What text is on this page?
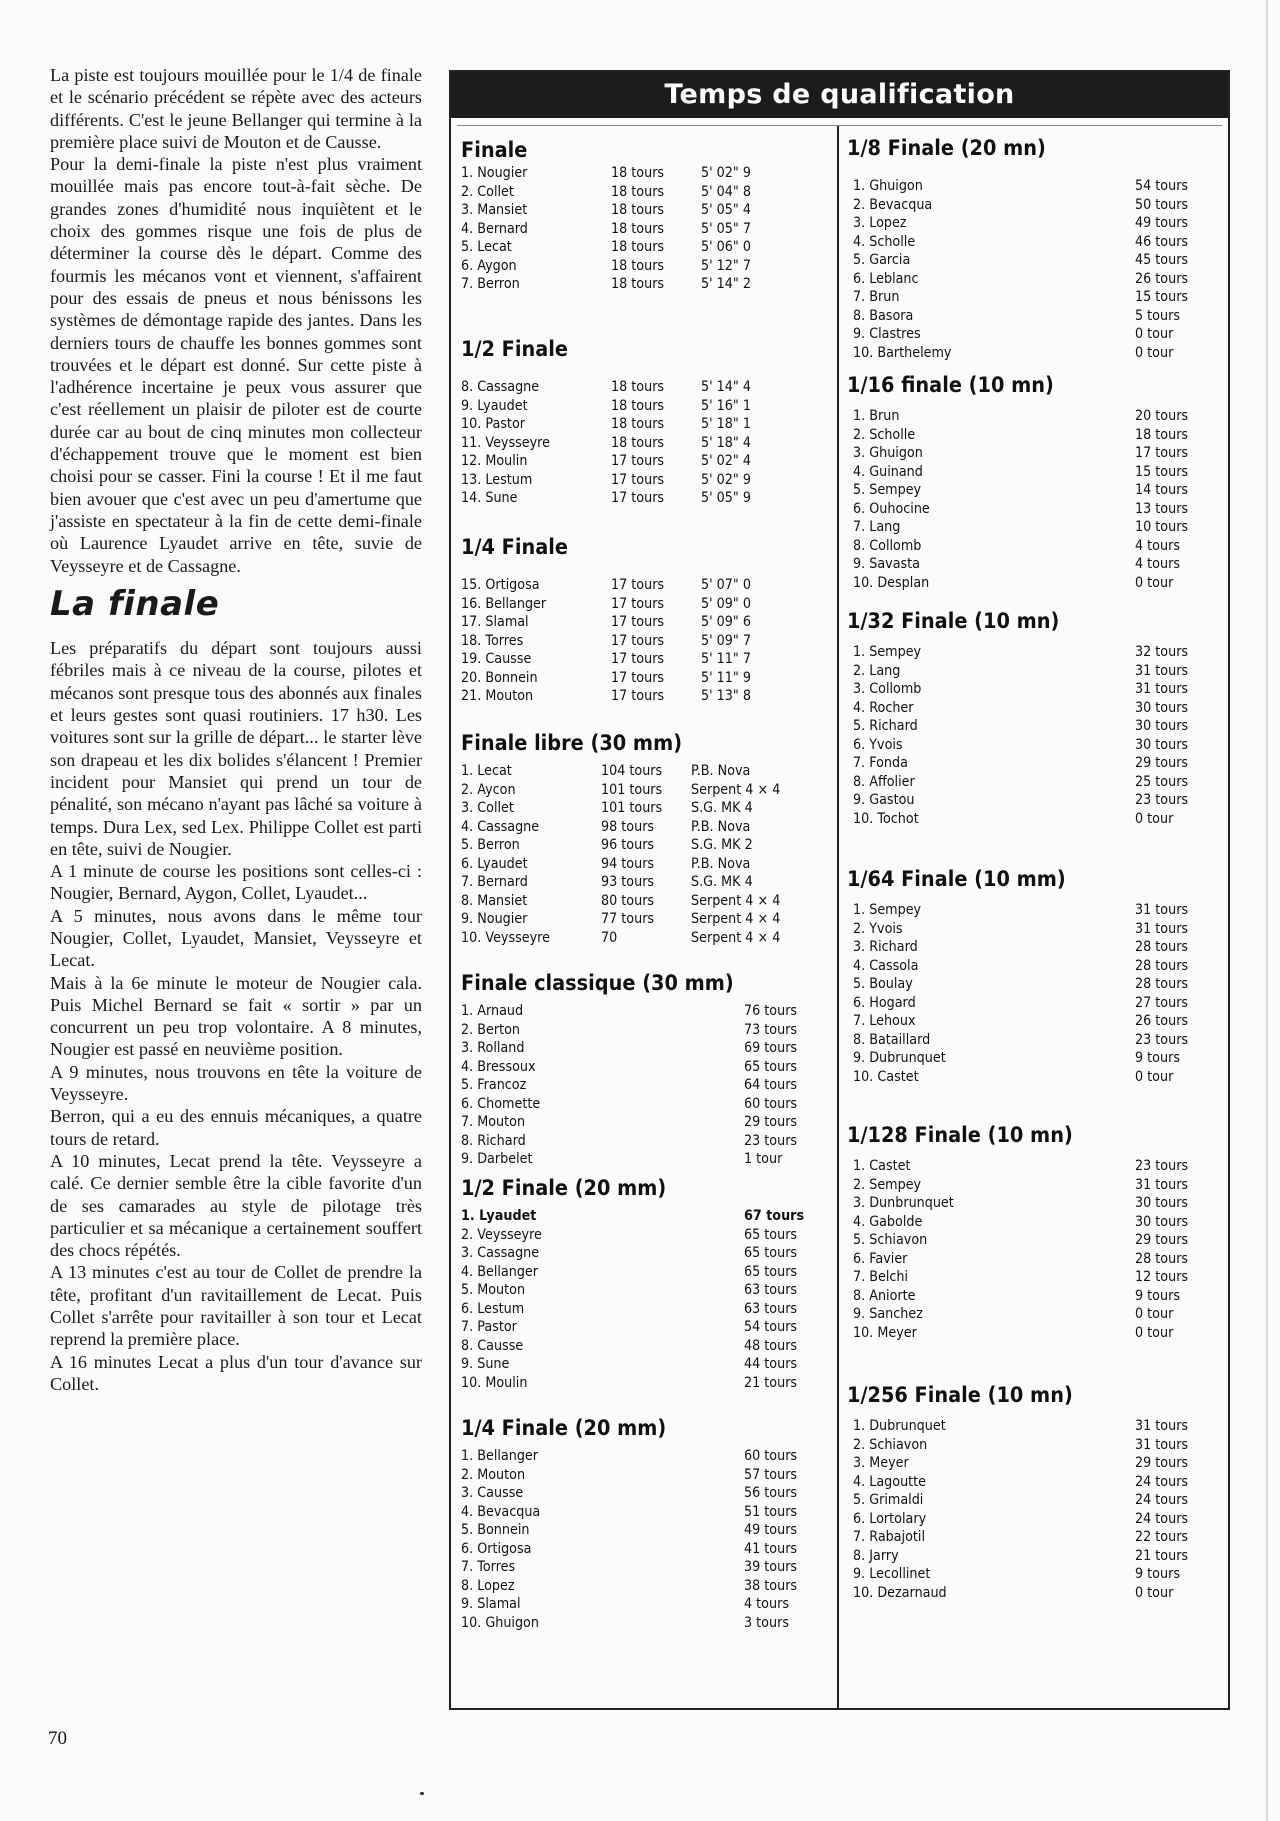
La piste est toujours mouillée pour le 1/4 de finale et le scénario précédent se répète avec des acteurs différents. C'est le jeune Bellanger qui termine à la première place suivi de Mouton et de Causse.

Pour la demi-finale la piste n'est plus vraiment mouillée mais pas encore tout-à-fait sèche. De grandes zones d'humidité nous inquiètent et le choix des gommes risque une fois de plus de déterminer la course dès le départ. Comme des fourmis les mécanos vont et viennent, s'affairent pour des essais de pneus et nous bénissons les systèmes de démontage rapide des jantes. Dans les derniers tours de chauffe les bonnes gommes sont trouvées et le départ est donné. Sur cette piste à l'adhérence incertaine je peux vous assurer que c'est réellement un plaisir de piloter est de courte durée car au bout de cinq minutes mon collecteur d'échappement trouve que le moment est bien choisi pour se casser. Fini la course ! Et il me faut bien avouer que c'est avec un peu d'amertume que j'assiste en spectateur à la fin de cette demi-finale où Laurence Lyaudet arrive en tête, suvie de Veysseyre et de Cassagne.

La finale

Les préparatifs du départ sont toujours aussi fébriles mais à ce niveau de la course, pilotes et mécanos sont presque tous des abonnés aux finales et leurs gestes sont quasi routiniers. 17 h30. Les voitures sont sur la grille de départ... le starter lève son drapeau et les dix bolides s'élancent ! Premier incident pour Mansiet qui prend un tour de pénalité, son mécano n'ayant pas lâché sa voiture à temps. Dura Lex, sed Lex. Philippe Collet est parti en tête, suivi de Nougier.

A 1 minute de course les positions sont celles-ci : Nougier, Bernard, Aygon, Collet, Lyaudet...

A 5 minutes, nous avons dans le même tour Nougier, Collet, Lyaudet, Mansiet, Veysseyre et Lecat.

Mais à la 6e minute le moteur de Nougier cala. Puis Michel Bernard se fait « sortir » par un concurrent un peu trop volontaire. A 8 minutes, Nougier est passé en neuvième position.

A 9 minutes, nous trouvons en tête la voiture de Veysseyre.

Berron, qui a eu des ennuis mécaniques, a quatre tours de retard.

A 10 minutes, Lecat prend la tête. Veysseyre a calé. Ce dernier semble être la cible favorite d'un de ses camarades au style de pilotage très particulier et sa mécanique a certainement souffert des chocs répétés.

A 13 minutes c'est au tour de Collet de prendre la tête, profitant d'un ravitaillement de Lecat. Puis Collet s'arrête pour ravitailler à son tour et Lecat reprend la première place.

A 16 minutes Lecat a plus d'un tour d'avance sur Collet.

70
Temps de qualification
Finale
1. Nougier	18 tours	5' 02" 9
2. Collet	18 tours	5' 04" 8
3. Mansiet	18 tours	5' 05" 4
4. Bernard	18 tours	5' 05" 7
5. Lecat	18 tours	5' 06" 0
6. Aygon	18 tours	5' 12" 7
7. Berron	18 tours	5' 14" 2
1/2 Finale
8. Cassagne	18 tours	5' 14" 4
9. Lyaudet	18 tours	5' 16" 1
10. Pastor	18 tours	5' 18" 1
11. Veysseyre	18 tours	5' 18" 4
12. Moulin	17 tours	5' 02" 4
13. Lestum	17 tours	5' 02" 9
14. Sune	17 tours	5' 05" 9
1/4 Finale
15. Ortigosa	17 tours	5' 07" 0
16. Bellanger	17 tours	5' 09" 0
17. Slamal	17 tours	5' 09" 6
18. Torres	17 tours	5' 09" 7
19. Causse	17 tours	5' 11" 7
20. Bonnein	17 tours	5' 11" 9
21. Mouton	17 tours	5' 13" 8
Finale libre (30 mm)
1. Lecat	104 tours P.B. Nova
2. Aycon	101 tours Serpent 4 × 4
3. Collet	101 tours S.G. MK 4
4. Cassagne	98 tours	P.B. Nova
5. Berron	96 tours	S.G. MK 2
6. Lyaudet	94 tours	P.B. Nova
7. Bernard	93 tours	S.G. MK 4
8. Mansiet	80 tours	Serpent 4 × 4
9. Nougier	77 tours	Serpent 4 × 4
10. Veysseyre	70	Serpent 4 × 4
Finale classique (30 mm)
1. Arnaud	76 tours
2. Berton	73 tours
3. Rolland	69 tours
4. Bressoux	65 tours
5. Francoz	64 tours
6. Chomette	60 tours
7. Mouton	29 tours
8. Richard	23 tours
9. Darbelet	1 tour
1/2 Finale (20 mm)
1. Lyaudet	67 tours
2. Veysseyre	65 tours
3. Cassagne	65 tours
4. Bellanger	65 tours
5. Mouton	63 tours
6. Lestum	63 tours
7. Pastor	54 tours
8. Causse	48 tours
9. Sune	44 tours
10. Moulin	21 tours
1/4 Finale (20 mm)
1. Bellanger	60 tours
2. Mouton	57 tours
3. Causse	56 tours
4. Bevacqua	51 tours
5. Bonnein	49 tours
6. Ortigosa	41 tours
7. Torres	39 tours
8. Lopez	38 tours
9. Slamal	4 tours
10. Ghuigon	3 tours
1/8 Finale (20 mn)
1. Ghuigon	54 tours
2. Bevacqua	50 tours
3. Lopez	49 tours
4. Scholle	46 tours
5. Garcia	45 tours
6. Leblanc	26 tours
7. Brun	15 tours
8. Basora	5 tours
9. Clastres	0 tour
10. Barthelemy	0 tour
1/16 finale (10 mn)
1. Brun	20 tours
2. Scholle	18 tours
3. Ghuigon	17 tours
4. Guinand	15 tours
5. Sempey	14 tours
6. Ouhocine	13 tours
7. Lang	10 tours
8. Collomb	4 tours
9. Savasta	4 tours
10. Desplan	0 tour
1/32 Finale (10 mn)
1. Sempey	32 tours
2. Lang	31 tours
3. Collomb	31 tours
4. Rocher	30 tours
5. Richard	30 tours
6. Yvois	30 tours
7. Fonda	29 tours
8. Affolier	25 tours
9. Gastou	23 tours
10. Tochot	0 tour
1/64 Finale (10 mm)
1. Sempey	31 tours
2. Yvois	31 tours
3. Richard	28 tours
4. Cassola	28 tours
5. Boulay	28 tours
6. Hogard	27 tours
7. Lehoux	26 tours
8. Bataillard	23 tours
9. Dubrunquet	9 tours
10. Castet	0 tour
1/128 Finale (10 mn)
1. Castet	23 tours
2. Sempey	31 tours
3. Dunbrunquet	30 tours
4. Gabolde	30 tours
5. Schiavon	29 tours
6. Favier	28 tours
7. Belchi	12 tours
8. Aniorte	9 tours
9. Sanchez	0 tour
10. Meyer	0 tour
1/256 Finale (10 mn)
1. Dubrunquet	31 tours
2. Schiavon	31 tours
3. Meyer	29 tours
4. Lagoutte	24 tours
5. Grimaldi	24 tours
6. Lortolary	24 tours
7. Rabajotil	22 tours
8. Jarry	21 tours
9. Lecollinet	9 tours
10. Dezarnaud	0 tour
